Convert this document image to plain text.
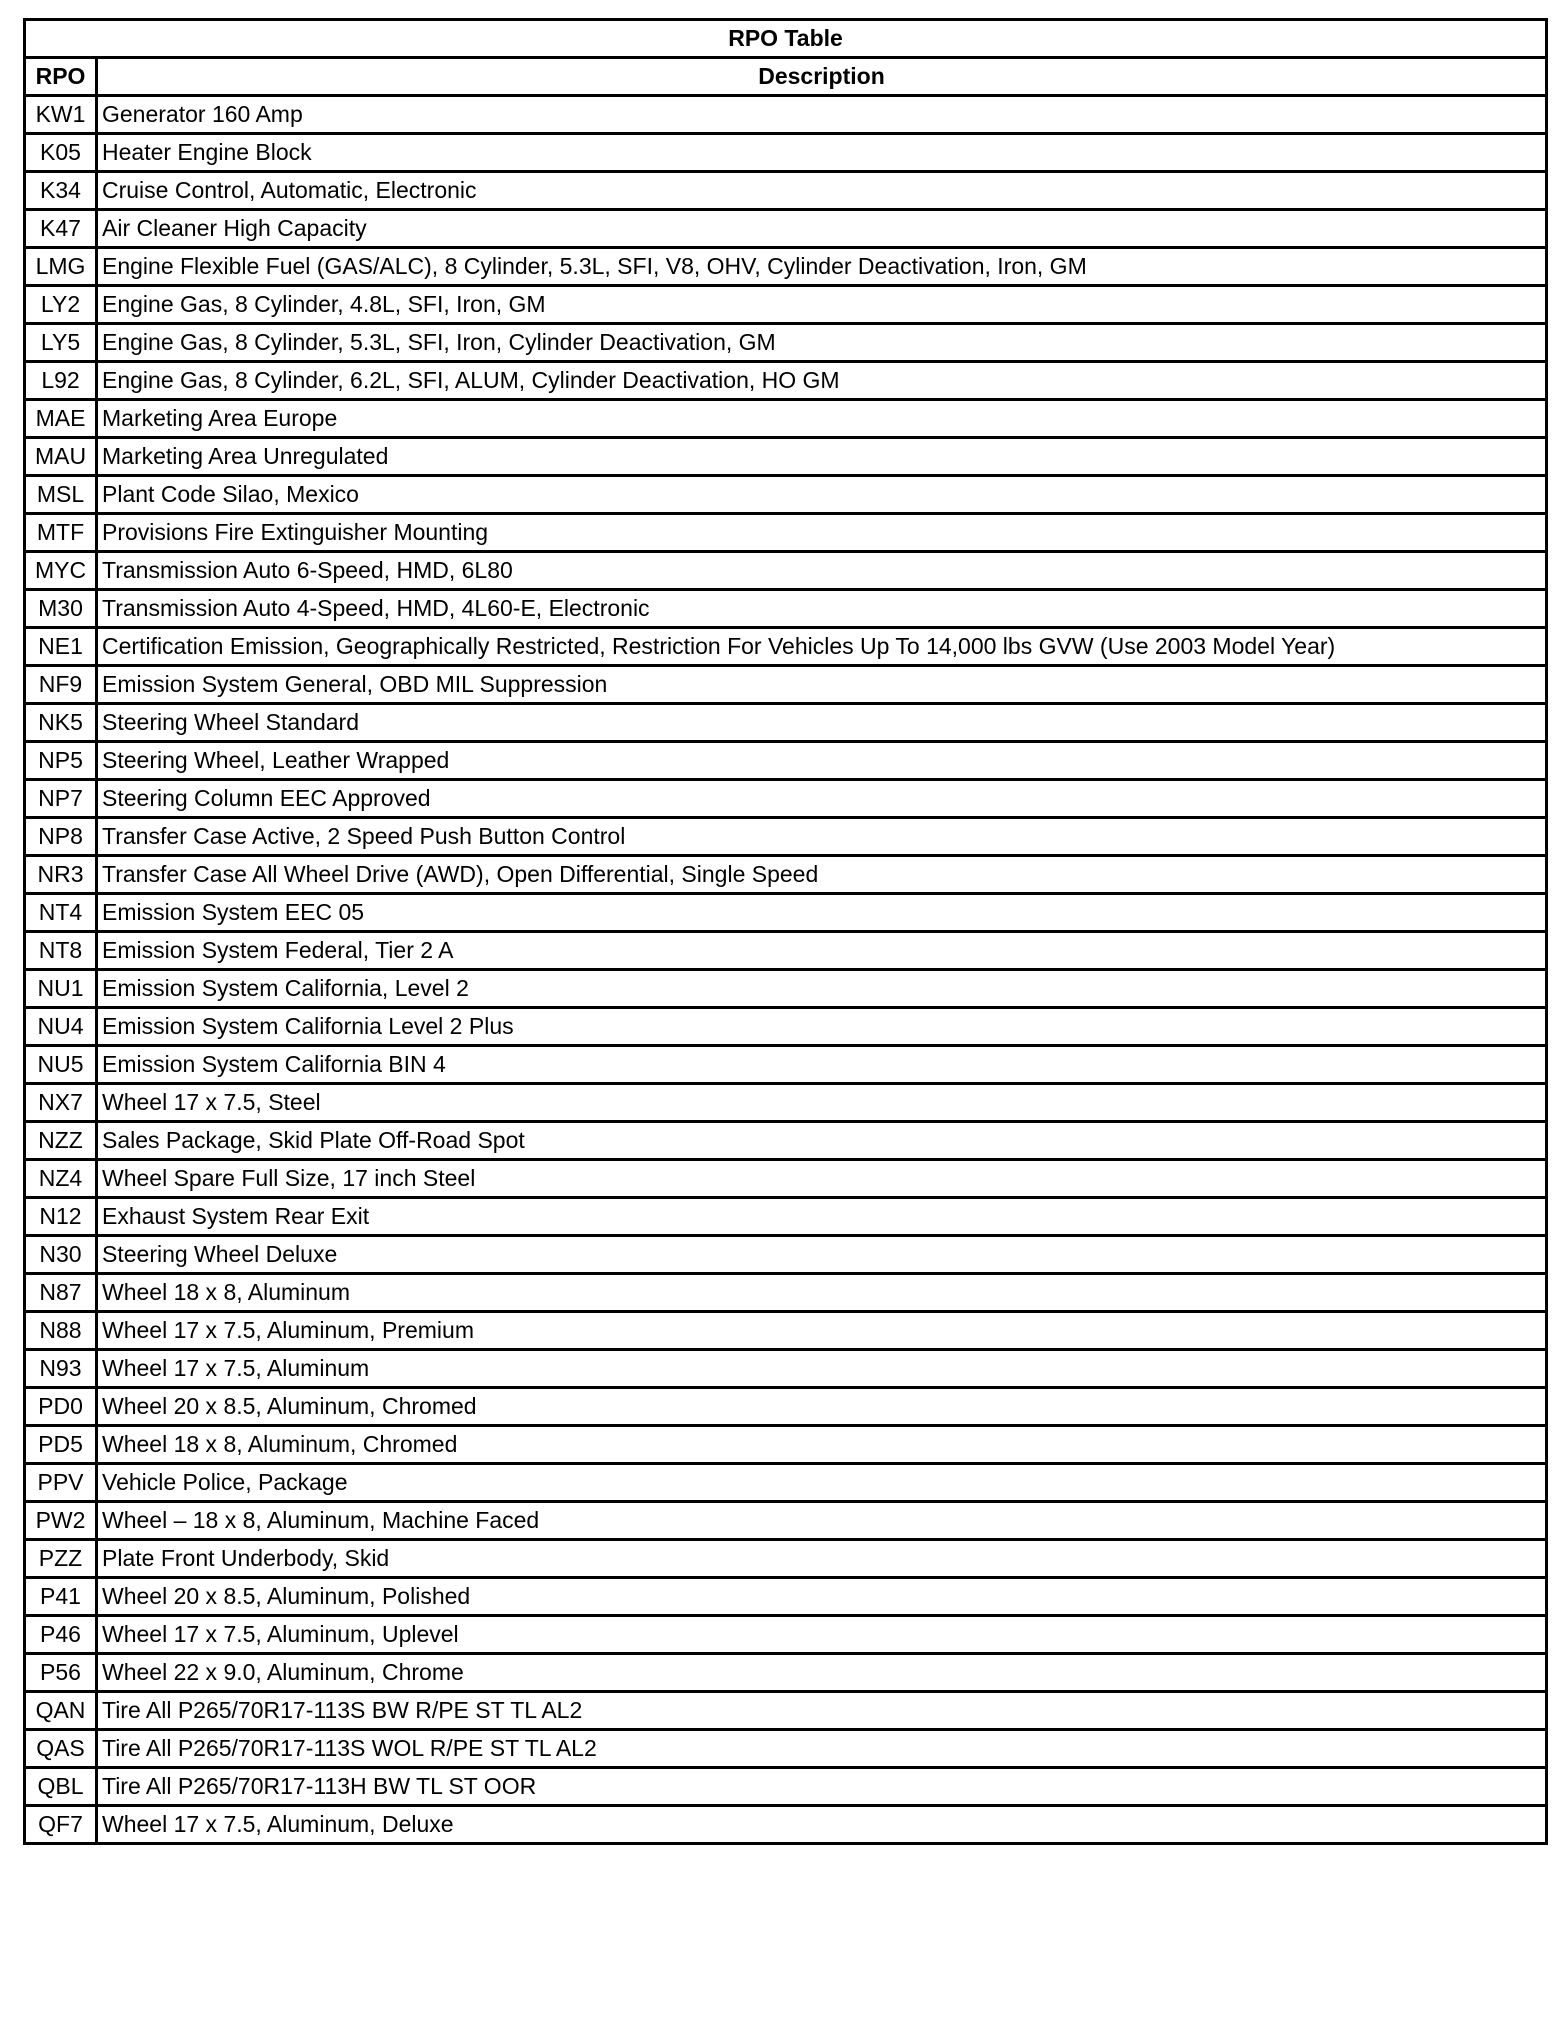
RPO Table	
RPO	Description
KW1	Generator 160 Amp
K05	Heater Engine Block
K34	Cruise Control, Automatic, Electronic
K47	Air Cleaner High Capacity
LMG	Engine Flexible Fuel (GAS/ALC), 8 Cylinder, 5.3L, SFI, V8, OHV, Cylinder Deactivation, Iron, GM
LY2	Engine Gas, 8 Cylinder, 4.8L, SFI, Iron, GM
LY5	Engine Gas, 8 Cylinder, 5.3L, SFI, Iron, Cylinder Deactivation, GM
L92	Engine Gas, 8 Cylinder, 6.2L, SFI, ALUM, Cylinder Deactivation, HO GM
MAE	Marketing Area Europe
MAU	Marketing Area Unregulated
MSL	Plant Code Silao, Mexico
MTF	Provisions Fire Extinguisher Mounting
MYC	Transmission Auto 6-Speed, HMD, 6L80
M30	Transmission Auto 4-Speed, HMD, 4L60-E, Electronic
NE1	Certification Emission, Geographically Restricted, Restriction For Vehicles Up To 14,000 lbs GVW (Use 2003 Model Year)
NF9	Emission System General, OBD MIL Suppression
NK5	Steering Wheel Standard
NP5	Steering Wheel, Leather Wrapped
NP7	Steering Column EEC Approved
NP8	Transfer Case Active, 2 Speed Push Button Control
NR3	Transfer Case All Wheel Drive (AWD), Open Differential, Single Speed
NT4	Emission System EEC 05
NT8	Emission System Federal, Tier 2 A
NU1	Emission System California, Level 2
NU4	Emission System California Level 2 Plus
NU5	Emission System California BIN 4
NX7	Wheel 17 x 7.5, Steel
NZZ	Sales Package, Skid Plate Off-Road Spot
NZ4	Wheel Spare Full Size, 17 inch Steel
N12	Exhaust System Rear Exit
N30	Steering Wheel Deluxe
N87	Wheel 18 x 8, Aluminum
N88	Wheel 17 x 7.5, Aluminum, Premium
N93	Wheel 17 x 7.5, Aluminum
PD0	Wheel 20 x 8.5, Aluminum, Chromed
PD5	Wheel 18 x 8, Aluminum, Chromed
PPV	Vehicle Police, Package
PW2	Wheel – 18 x 8, Aluminum, Machine Faced
PZZ	Plate Front Underbody, Skid
P41	Wheel 20 x 8.5, Aluminum, Polished
P46	Wheel 17 x 7.5, Aluminum, Uplevel
P56	Wheel 22 x 9.0, Aluminum, Chrome
QAN	Tire All P265/70R17-113S BW R/PE ST TL AL2
QAS	Tire All P265/70R17-113S WOL R/PE ST TL AL2
QBL	Tire All P265/70R17-113H BW TL ST OOR
QF7	Wheel 17 x 7.5, Aluminum, Deluxe
